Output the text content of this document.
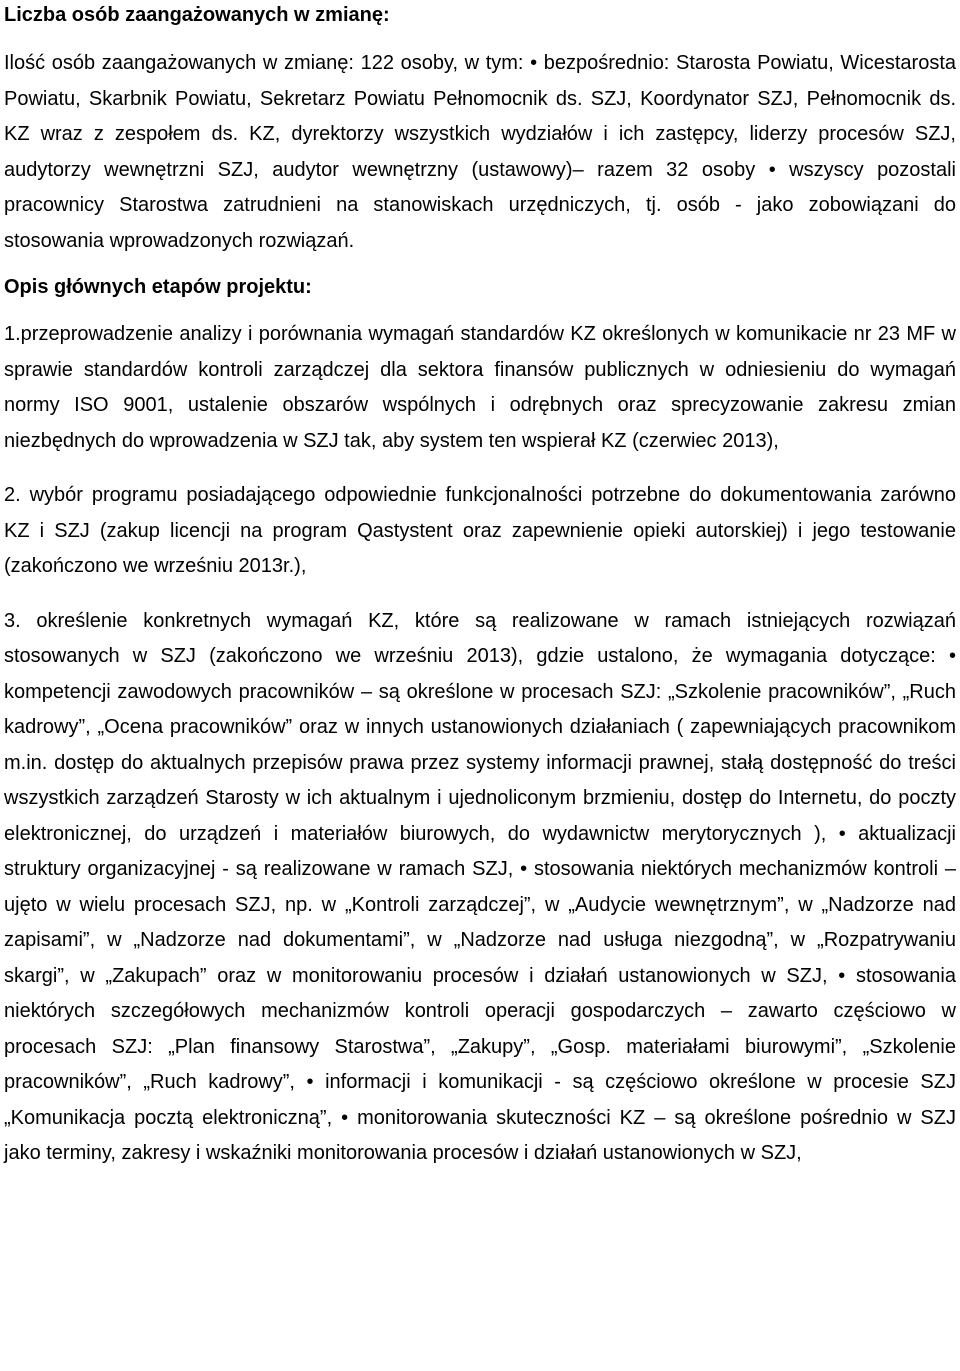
Liczba osób zaangażowanych w zmianę:

Ilość osób zaangażowanych w zmianę: 122 osoby, w tym: • bezpośrednio: Starosta Powiatu, Wicestarosta Powiatu, Skarbnik Powiatu, Sekretarz Powiatu Pełnomocnik ds. SZJ, Koordynator SZJ, Pełnomocnik ds. KZ wraz z zespołem ds. KZ, dyrektorzy wszystkich wydziałów i ich zastępcy, liderzy procesów SZJ, audytorzy wewnętrzni SZJ, audytor wewnętrzny (ustawowy)– razem 32 osoby • wszyscy pozostali pracownicy Starostwa zatrudnieni na stanowiskach urzędniczych, tj. osób - jako zobowiązani do stosowania wprowadzonych rozwiązań.

Opis głównych etapów projektu:

1.przeprowadzenie analizy i porównania wymagań standardów KZ określonych w komunikacie nr 23 MF w sprawie standardów kontroli zarządczej dla sektora finansów publicznych w odniesieniu do wymagań normy ISO 9001, ustalenie obszarów wspólnych i odrębnych oraz sprecyzowanie zakresu zmian niezbędnych do wprowadzenia w SZJ tak, aby system ten wspierał KZ (czerwiec 2013),

2. wybór programu posiadającego odpowiednie funkcjonalności potrzebne do dokumentowania zarówno KZ i SZJ (zakup licencji na program Qastystent oraz zapewnienie opieki autorskiej) i jego testowanie (zakończono we wrześniu 2013r.),

3. określenie konkretnych wymagań KZ, które są realizowane w ramach istniejących rozwiązań stosowanych w SZJ (zakończono we wrześniu 2013), gdzie ustalono, że wymagania dotyczące: • kompetencji zawodowych pracowników – są określone w procesach SZJ: „Szkolenie pracowników”, „Ruch kadrowy”, „Ocena pracowników” oraz w innych ustanowionych działaniach ( zapewniających pracownikom m.in. dostęp do aktualnych przepisów prawa przez systemy informacji prawnej, stałą dostępność do treści wszystkich zarządzeń Starosty w ich aktualnym i ujednoliconym brzmieniu, dostęp do Internetu, do poczty elektronicznej, do urządzeń i materiałów biurowych, do wydawnictw merytorycznych ), • aktualizacji struktury organizacyjnej - są realizowane w ramach SZJ, • stosowania niektórych mechanizmów kontroli – ujęto w wielu procesach SZJ, np. w „Kontroli zarządczej”, w „Audycie wewnętrznym”, w „Nadzorze nad zapisami”, w „Nadzorze nad dokumentami”, w „Nadzorze nad usługa niezgodną”, w „Rozpatrywaniu skargi”, w „Zakupach” oraz w monitorowaniu procesów i działań ustanowionych w SZJ, • stosowania niektórych szczegółowych mechanizmów kontroli operacji gospodarczych – zawarto częściowo w procesach SZJ: „Plan finansowy Starostwa”, „Zakupy”, „Gosp. materiałami biurowymi”, „Szkolenie pracowników”, „Ruch kadrowy”, • informacji i komunikacji - są częściowo określone w procesie SZJ „Komunikacja pocztą elektroniczną”, • monitorowania skuteczności KZ – są określone pośrednio w SZJ jako terminy, zakresy i wskaźniki monitorowania procesów i działań ustanowionych w SZJ,
